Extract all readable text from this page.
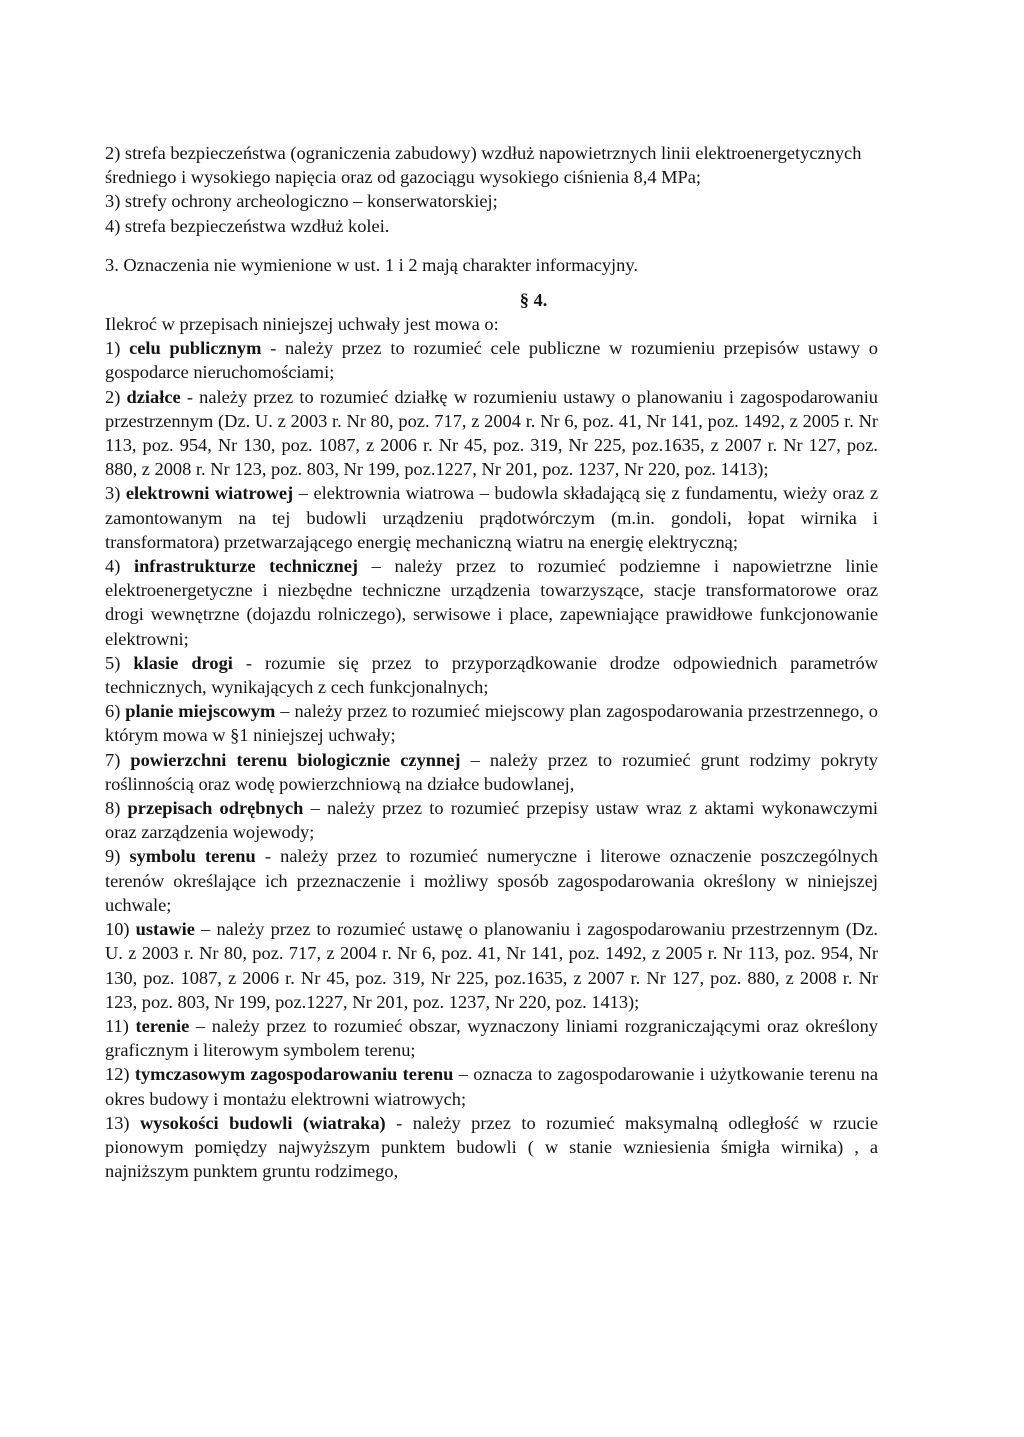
2) strefa bezpieczeństwa (ograniczenia zabudowy) wzdłuż napowietrznych linii elektroenergetycznych średniego i wysokiego napięcia oraz od gazociągu wysokiego ciśnienia 8,4 MPa;

3) strefy ochrony archeologiczno – konserwatorskiej;

4) strefa bezpieczeństwa wzdłuż kolei.

3. Oznaczenia nie wymienione w ust. 1 i 2 mają charakter informacyjny.

§ 4.

Ilekroć w przepisach niniejszej uchwały jest mowa o:

1) celu publicznym - należy przez to rozumieć cele publiczne w rozumieniu przepisów ustawy o gospodarce nieruchomościami;

2) działce - należy przez to rozumieć działkę w rozumieniu ustawy o planowaniu i zagospodarowaniu przestrzennym (Dz. U. z 2003 r. Nr 80, poz. 717, z 2004 r. Nr 6, poz. 41, Nr 141, poz. 1492, z 2005 r. Nr 113, poz. 954, Nr 130, poz. 1087, z 2006 r. Nr 45, poz. 319, Nr 225, poz.1635, z 2007 r. Nr 127, poz. 880, z 2008 r. Nr 123, poz. 803, Nr 199, poz.1227, Nr 201, poz. 1237, Nr 220, poz. 1413);

3) elektrowni wiatrowej – elektrownia wiatrowa – budowla składającą się z fundamentu, wieży oraz z zamontowanym na tej budowli urządzeniu prądotwórczym (m.in. gondoli, łopat wirnika i transformatora) przetwarzającego energię mechaniczną wiatru na energię elektryczną;

4) infrastrukturze technicznej – należy przez to rozumieć podziemne i napowietrzne linie elektroenergetyczne i niezbędne techniczne urządzenia towarzyszące, stacje transformatorowe oraz drogi wewnętrzne (dojazdu rolniczego), serwisowe i place, zapewniające prawidłowe funkcjonowanie elektrowni;

5) klasie drogi - rozumie się przez to przyporządkowanie drodze odpowiednich parametrów technicznych, wynikających z cech funkcjonalnych;

6) planie miejscowym – należy przez to rozumieć miejscowy plan zagospodarowania przestrzennego, o którym mowa w §1 niniejszej uchwały;

7) powierzchni terenu biologicznie czynnej – należy przez to rozumieć grunt rodzimy pokryty roślinnością oraz wodę powierzchniową na działce budowlanej,

8) przepisach odrębnych – należy przez to rozumieć przepisy ustaw wraz z aktami wykonawczymi oraz zarządzenia wojewody;

9) symbolu terenu - należy przez to rozumieć numeryczne i literowe oznaczenie poszczególnych terenów określające ich przeznaczenie i możliwy sposób zagospodarowania określony w niniejszej uchwale;

10) ustawie – należy przez to rozumieć ustawę o planowaniu i zagospodarowaniu przestrzennym (Dz. U. z 2003 r. Nr 80, poz. 717, z 2004 r. Nr 6, poz. 41, Nr 141, poz. 1492, z 2005 r. Nr 113, poz. 954, Nr 130, poz. 1087, z 2006 r. Nr 45, poz. 319, Nr 225, poz.1635, z 2007 r. Nr 127, poz. 880, z 2008 r. Nr 123, poz. 803, Nr 199, poz.1227, Nr 201, poz. 1237, Nr 220, poz. 1413);

11) terenie – należy przez to rozumieć obszar, wyznaczony liniami rozgraniczającymi oraz określony graficznym i literowym symbolem terenu;

12) tymczasowym zagospodarowaniu terenu – oznacza to zagospodarowanie i użytkowanie terenu na okres budowy i montażu elektrowni wiatrowych;

13) wysokości budowli (wiatraka) - należy przez to rozumieć maksymalną odległość w rzucie pionowym pomiędzy najwyższym punktem budowli ( w stanie wzniesienia śmigła wirnika) , a najniższym punktem gruntu rodzimego,
